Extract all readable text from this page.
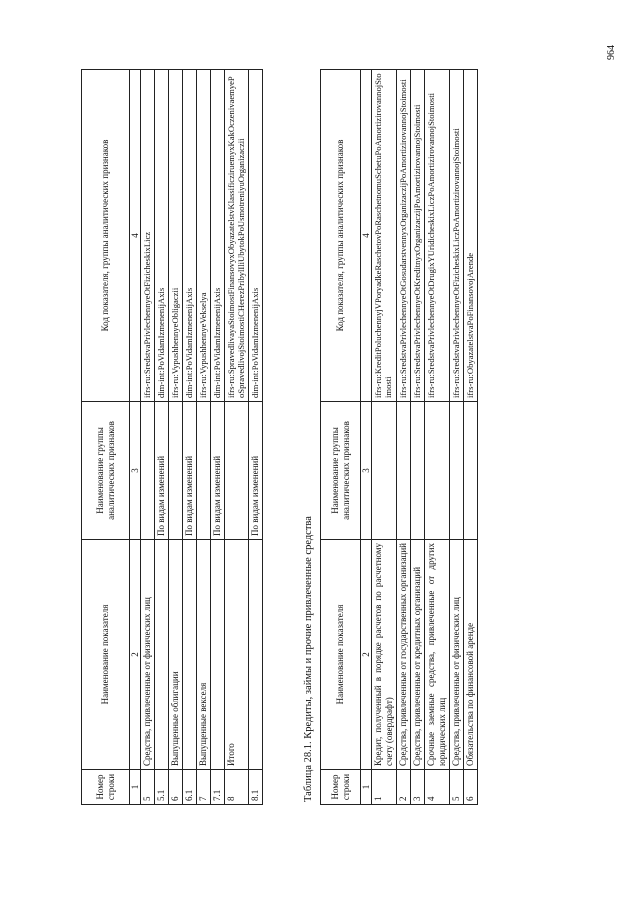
964
Номер строки	Наименование показателя	Наименование группы аналитических признаков	Код показателя, группы аналитических признаков
1	2	3	4
5	Средства, привлеченные от физических лиц		ifrs-ru:SredstvaPrivlechennyeOtFizicheskixLicz
5.1		По видам изменений	dim-int:PoVidamIzmenenijAxis
6	Выпущенные облигации		ifrs-ru:VypushhennyeObligaczii
6.1		По видам изменений	dim-int:PoVidamIzmenenijAxis
7	Выпущенные векселя		ifrs-ru:VypushhennyeVekselya
7.1		По видам изменений	dim-int:PoVidamIzmenenijAxis
8	Итого		ifrs-ru:SpravedlivayaStoimostFinansovyxObyazatelstvKlassificziruemyxKakOczenivaemyePoSpravedlivojStoimostiCHerezPribylIliUbytokPoUsmotreniyuOrganizaczii
8.1		По видам изменений	dim-int:PoVidamIzmenenijAxis
Таблица 28.1. Кредиты, займы и прочие привлеченные средства Номер строки	Наименование показателя	Наименование группы аналитических признаков	Код показателя, группы аналитических признаков
1	2	3	4
1	Кредит, полученный в порядке расчетов по расчетному счету (овердрафт)		ifrs-ru:KreditPoluchennyjVPoryadkeRaschetovPoRaschetnomuSchetuPoAmortizirovannojStoimosti
2	Средства, привлеченные от государственных организаций		ifrs-ru:SredstvaPrivlechennyeOtGosudarstvennyxOrganizaczijPoAmortizirovannojStoimosti
3	Средства, привлеченные от кредитных организаций		ifrs-ru:SredstvaPrivlechennyeOtKreditnyxOrganizaczijPoAmortizirovannojStoimosti
4	Срочные заемные средства, привлеченные от других юридических лиц		ifrs-ru:SredstvaPrivlechennyeOtDrugixYUridicheskixLiczPoAmortizirovannojStoimosti
5	Средства, привлеченные от физических лиц		ifrs-ru:SredstvaPrivlechennyeOtFizicheskixLiczPoAmortizirovannojStoimosti
6	Обязательства по финансовой аренде		ifrs-ru:ObyazatelstvaPoFinansovojArende
